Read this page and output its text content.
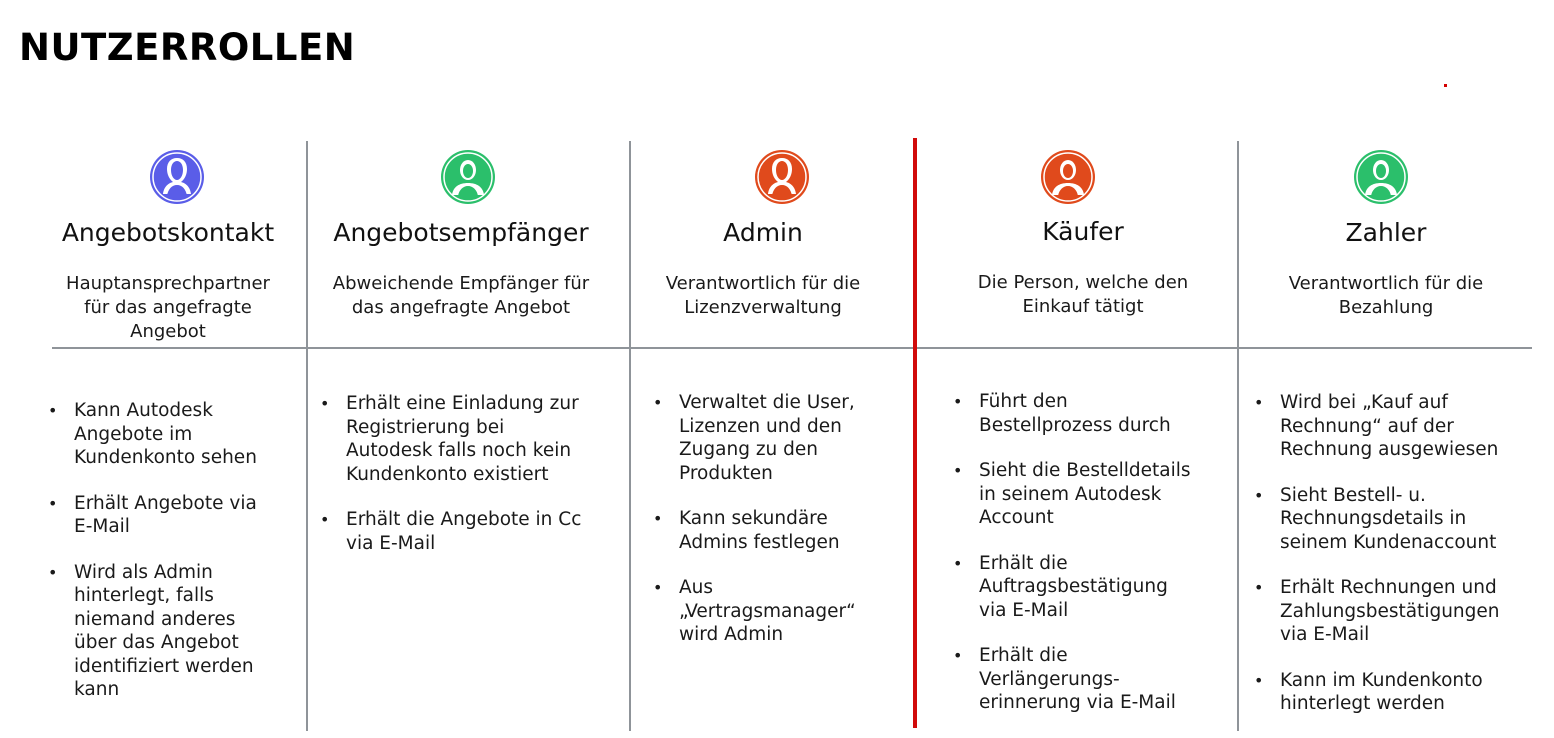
NUTZERROLLEN
Angebotskontakt
Hauptansprechpartner
für das angefragte
Angebot
• Kann Autodesk
Angebote im
Kundenkonto sehen
• Erhält Angebote via
E-Mail
• Wird als Admin
hinterlegt, falls
niemand anderes
über das Angebot
identifiziert werden
kann
Angebotsempfänger
Abweichende Empfänger für
das angefragte Angebot
• Erhält eine Einladung zur
Registrierung bei
Autodesk falls noch kein
Kundenkonto existiert
• Erhält die Angebote in Cc
via E-Mail
Admin
Verantwortlich für die
Lizenzverwaltung
• Verwaltet die User,
Lizenzen und den
Zugang zu den
Produkten
• Kann sekundäre
Admins festlegen
• Aus
„Vertragsmanager“
wird Admin
Käufer
Die Person, welche den
Einkauf tätigt
• Führt den
Bestellprozess durch
• Sieht die Bestelldetails
in seinem Autodesk
Account
• Erhält die
Auftragsbestätigung
via E-Mail
• Erhält die
Verlängerungs-
erinnerung via E-Mail
Zahler
Verantwortlich für die
Bezahlung
• Wird bei „Kauf auf
Rechnung“ auf der
Rechnung ausgewiesen
• Sieht Bestell- u.
Rechnungsdetails in
seinem Kundenaccount
• Erhält Rechnungen und
Zahlungsbestätigungen
via E-Mail
• Kann im Kundenkonto
hinterlegt werden
